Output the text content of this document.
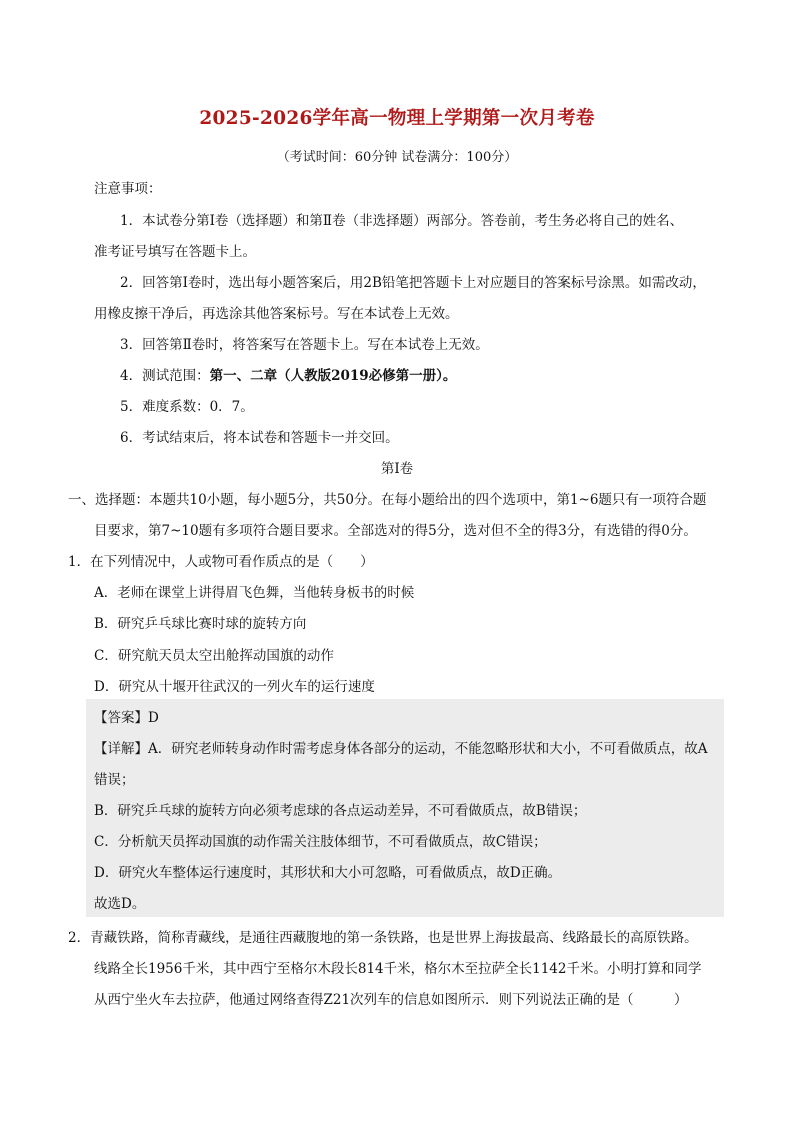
2025-2026学年高一物理上学期第一次月考卷
（考试时间：60分钟 试卷满分：100分）
注意事项：
1．本试卷分第Ⅰ卷（选择题）和第Ⅱ卷（非选择题）两部分。答卷前，考生务必将自己的姓名、
准考证号填写在答题卡上。
2．回答第Ⅰ卷时，选出每小题答案后，用2B铅笔把答题卡上对应题目的答案标号涂黑。如需改动，
用橡皮擦干净后，再选涂其他答案标号。写在本试卷上无效。
3．回答第Ⅱ卷时，将答案写在答题卡上。写在本试卷上无效。
4．测试范围：第一、二章（人教版2019必修第一册）。
5．难度系数：0．7。
6．考试结束后，将本试卷和答题卡一并交回。
第Ⅰ卷
一、选择题：本题共10小题，每小题5分，共50分。在每小题给出的四个选项中，第1~6题只有一项符合题
目要求，第7~10题有多项符合题目要求。全部选对的得5分，选对但不全的得3分，有选错的得0分。
1．在下列情况中，人或物可看作质点的是（　　）
A．老师在课堂上讲得眉飞色舞，当他转身板书的时候
B．研究乒乓球比赛时球的旋转方向
C．研究航天员太空出舱挥动国旗的动作
D．研究从十堰开往武汉的一列火车的运行速度
【答案】D
【详解】A．研究老师转身动作时需考虑身体各部分的运动，不能忽略形状和大小，不可看做质点，故A
错误；
B．研究乒乓球的旋转方向必须考虑球的各点运动差异，不可看做质点，故B错误；
C．分析航天员挥动国旗的动作需关注肢体细节，不可看做质点，故C错误；
D．研究火车整体运行速度时，其形状和大小可忽略，可看做质点，故D正确。
故选D。
2．青藏铁路，简称青藏线，是通往西藏腹地的第一条铁路，也是世界上海拔最高、线路最长的高原铁路。
线路全长1956千米，其中西宁至格尔木段长814千米，格尔木至拉萨全长1142千米。小明打算和同学
从西宁坐火车去拉萨，他通过网络查得Z21次列车的信息如图所示．则下列说法正确的是（　　　）
